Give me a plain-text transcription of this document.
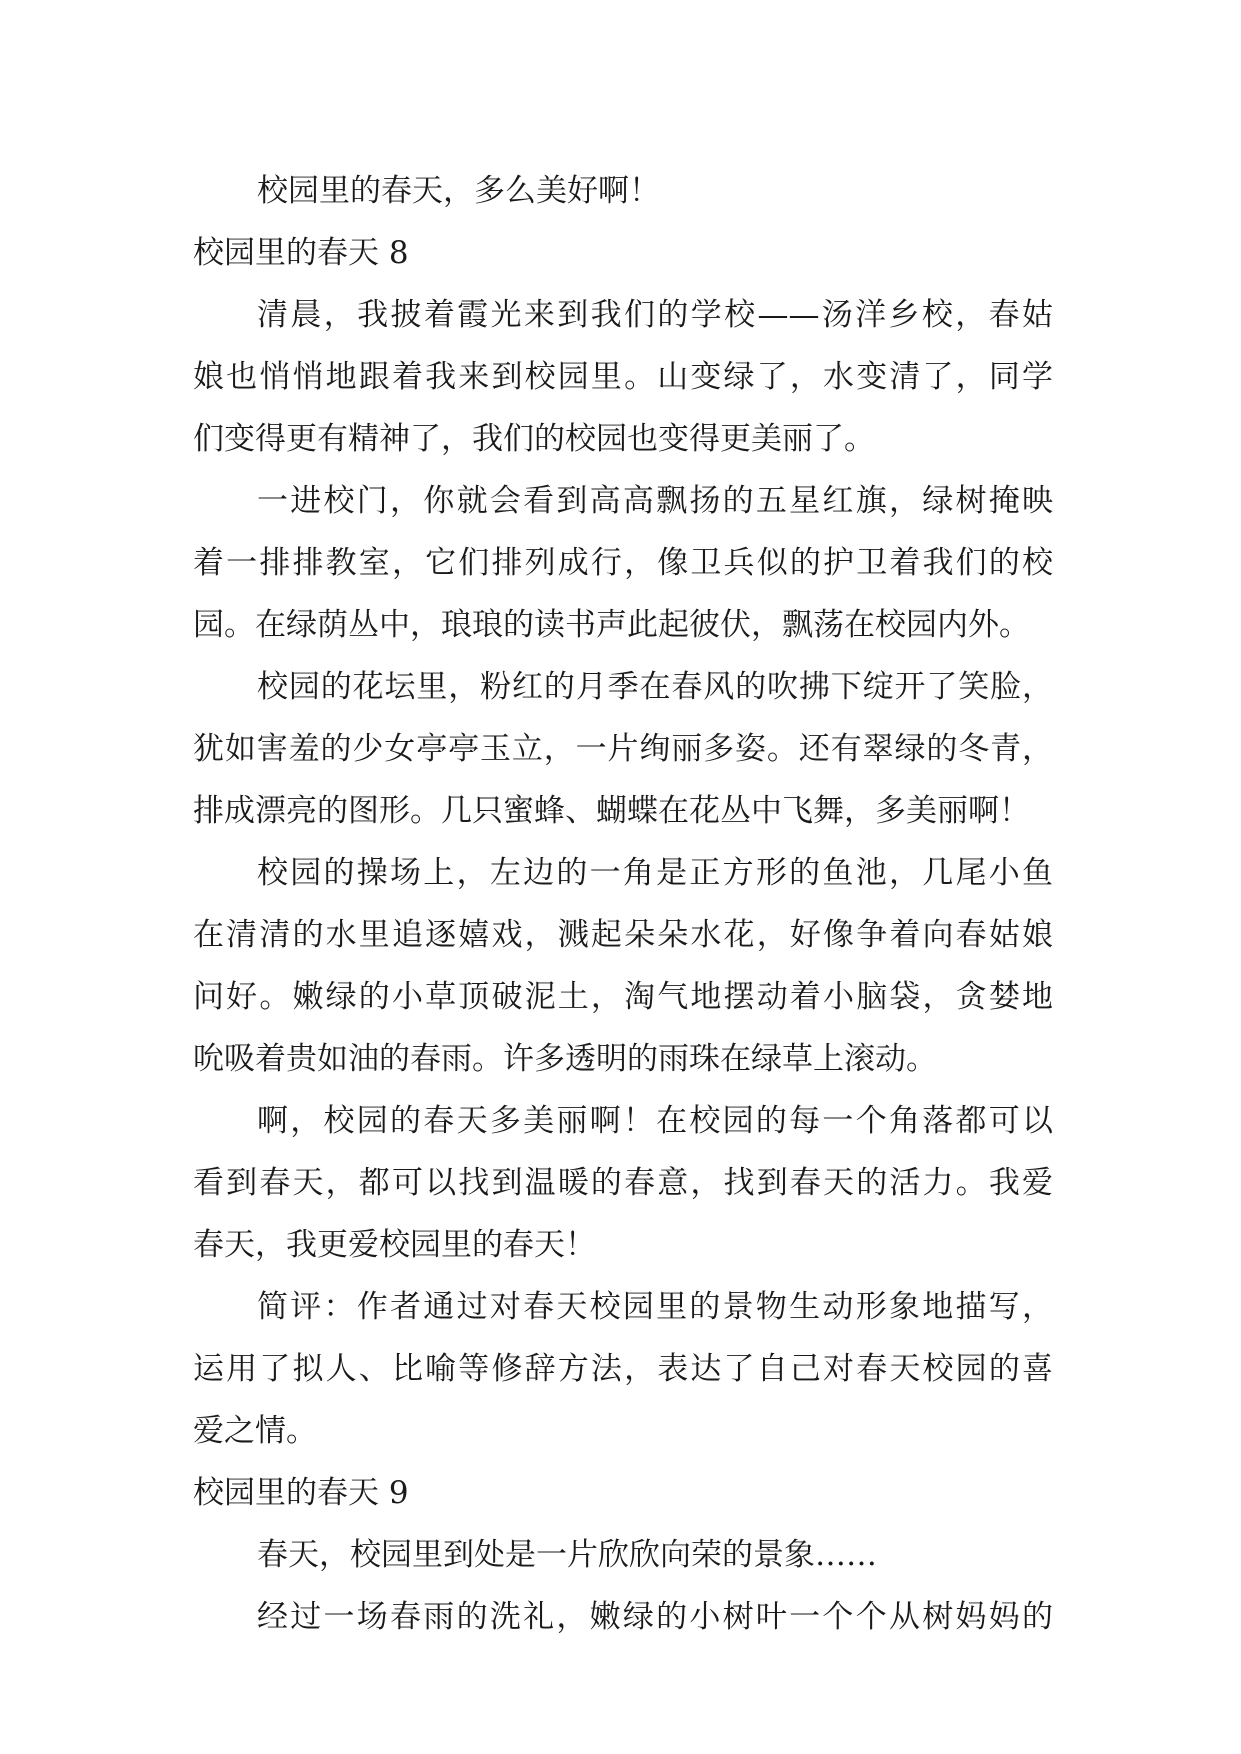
校园里的春天，多么美好啊！
校园里的春天 8
清晨，我披着霞光来到我们的学校——汤洋乡校，春姑
娘也悄悄地跟着我来到校园里。山变绿了，水变清了，同学
们变得更有精神了，我们的校园也变得更美丽了。
一进校门，你就会看到高高飘扬的五星红旗，绿树掩映
着一排排教室，它们排列成行，像卫兵似的护卫着我们的校
园。在绿荫丛中，琅琅的读书声此起彼伏，飘荡在校园内外。
校园的花坛里，粉红的月季在春风的吹拂下绽开了笑脸，
犹如害羞的少女亭亭玉立，一片绚丽多姿。还有翠绿的冬青，
排成漂亮的图形。几只蜜蜂、蝴蝶在花丛中飞舞，多美丽啊！
校园的操场上，左边的一角是正方形的鱼池，几尾小鱼
在清清的水里追逐嬉戏，溅起朵朵水花，好像争着向春姑娘
问好。嫩绿的小草顶破泥土，淘气地摆动着小脑袋，贪婪地
吮吸着贵如油的春雨。许多透明的雨珠在绿草上滚动。
啊，校园的春天多美丽啊！在校园的每一个角落都可以
看到春天，都可以找到温暖的春意，找到春天的活力。我爱
春天，我更爱校园里的春天！
简评：作者通过对春天校园里的景物生动形象地描写，
运用了拟人、比喻等修辞方法，表达了自己对春天校园的喜
爱之情。
校园里的春天 9
春天，校园里到处是一片欣欣向荣的景象……
经过一场春雨的洗礼，嫩绿的小树叶一个个从树妈妈的
